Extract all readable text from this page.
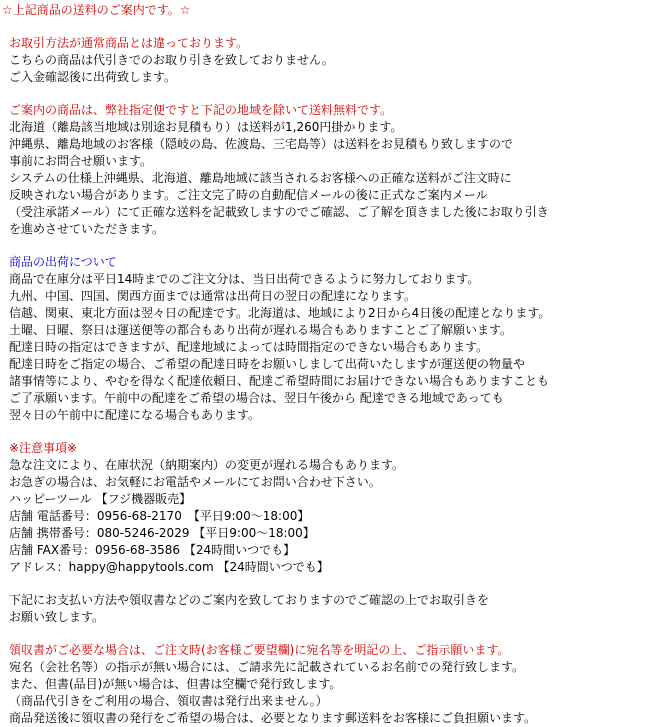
☆上記商品の送料のご案内です。☆
お取引方法が通常商品とは違っております。
こちらの商品は代引きでのお取り引きを致しておりません。
ご入金確認後に出荷致します。
ご案内の商品は、弊社指定便ですと下記の地域を除いて送料無料です。
北海道（離島該当地域は別途お見積もり）は送料が1,260円掛かります。
沖縄県、離島地域のお客様（隠岐の島、佐渡島、三宅島等）は送料をお見積もり致しますので
事前にお問合せ願います。
システムの仕様上沖縄県、北海道、離島地域に該当されるお客様への正確な送料がご注文時に
反映されない場合があります。ご注文完了時の自動配信メールの後に正式なご案内メール
（受注承諾メール）にて正確な送料を記載致しますのでご確認、ご了解を頂きました後にお取り引き
を進めさせていただきます。
商品の出荷について
商品で在庫分は平日14時までのご注文分は、当日出荷できるように努力しております。
九州、中国、四国、関西方面までは通常は出荷日の翌日の配達になります。
信越、関東、東北方面は翌々日の配達です。北海道は、地域により2日から4日後の配達となります。
土曜、日曜、祭日は運送便等の都合もあり出荷が遅れる場合もありますことご了解願います。
配達日時の指定はできますが、配達地域によっては時間指定のできない場合もあります。
配達日時をご指定の場合、ご希望の配達日時をお願いしまして出荷いたしますが運送便の物量や
諸事情等により、やむを得なく配達依頼日、配達ご希望時間にお届けできない場合もありますことも
ご了承願います。午前中の配達をご希望の場合は、翌日午後から 配達できる地域であっても
翌々日の午前中に配達になる場合もあります。
※注意事項※
急な注文により、在庫状況（納期案内）の変更が遅れる場合もあります。
お急ぎの場合は、お気軽にお電話やメールにてお問い合わせ下さい。
ハッピーツール 【フジ機器販売】
店舗 電話番号：0956-68-2170　【平日9:00～18:00】
店舗 携帯番号：080-5246-2029 【平日9:00～18:00】
店舗 FAX番号：0956-68-3586 【24時間いつでも】
アドレス：happy@happytools.com 【24時間いつでも】
下記にお支払い方法や領収書などのご案内を致しておりますのでご確認の上でお取引きを
お願い致します。
領収書がご必要な場合は、ご注文時(お客様ご要望欄)に宛名等を明記の上、ご指示願います。
宛名（会社名等）の指示が無い場合には、ご請求先に記載されているお名前での発行致します。
また、但書(品目)が無い場合は、但書は空欄で発行致します。
（商品代引きをご利用の場合、領収書は発行出来ません。）
商品発送後に領収書の発行をご希望の場合は、必要となります郵送料をお客様にご負担願います。
